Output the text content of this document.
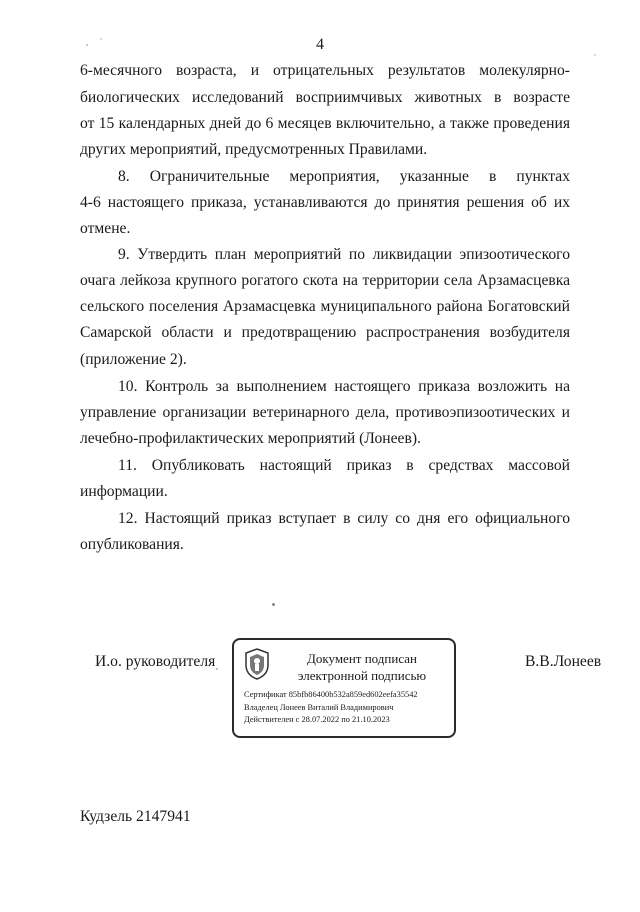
4
6-месячного возраста, и отрицательных результатов молекулярно-
биологических исследований восприимчивых животных в возрасте
от 15 календарных дней до 6 месяцев включительно, а также проведения
других мероприятий, предусмотренных Правилами.
8. Ограничительные мероприятия, указанные в пунктах
4-6 настоящего приказа, устанавливаются до принятия решения об их
отмене.
9. Утвердить план мероприятий по ликвидации эпизоотического
очага лейкоза крупного рогатого скота на территории села Арзамасцевка
сельского поселения Арзамасцевка муниципального района Богатовский
Самарской области и предотвращению распространения возбудителя
(приложение 2).
10. Контроль за выполнением настоящего приказа возложить на
управление организации ветеринарного дела, противоэпизоотических и
лечебно-профилактических мероприятий (Лонеев).
11. Опубликовать настоящий приказ в средствах массовой
информации.
12. Настоящий приказ вступает в силу со дня его официального
опубликования.
И.о. руководителя	Документ подписан
электронной подписью
Сертификат 85bfb86400b532a859ed602eefa35542
Владелец Лонеев Виталий Владимирович
Действителен с 28.07.2022 по 21.10.2023
В.В.Лонеев
Кудзель 2147941
